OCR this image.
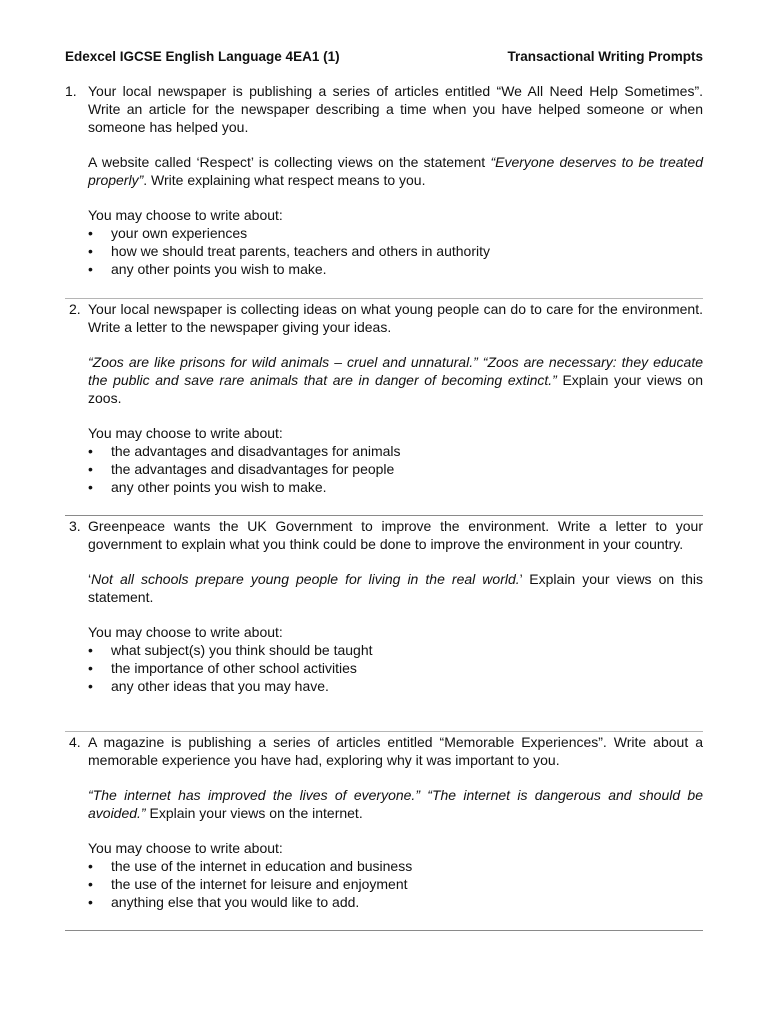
Edexcel IGCSE English Language 4EA1 (1)	Transactional Writing Prompts
1. Your local newspaper is publishing a series of articles entitled “We All Need Help Sometimes”. Write an article for the newspaper describing a time when you have helped someone or when someone has helped you.

A website called ‘Respect’ is collecting views on the statement “Everyone deserves to be treated properly”. Write explaining what respect means to you.

You may choose to write about:

• your own experiences
• how we should treat parents, teachers and others in authority
• any other points you wish to make.
2. Your local newspaper is collecting ideas on what young people can do to care for the environment. Write a letter to the newspaper giving your ideas.

“Zoos are like prisons for wild animals – cruel and unnatural.” “Zoos are necessary: they educate the public and save rare animals that are in danger of becoming extinct.” Explain your views on zoos.

You may choose to write about:

• the advantages and disadvantages for animals
• the advantages and disadvantages for people
• any other points you wish to make.
3. Greenpeace wants the UK Government to improve the environment. Write a letter to your government to explain what you think could be done to improve the environment in your country.

‘Not all schools prepare young people for living in the real world.’ Explain your views on this statement.

You may choose to write about:

• what subject(s) you think should be taught
• the importance of other school activities
• any other ideas that you may have.
4. A magazine is publishing a series of articles entitled “Memorable Experiences”. Write about a memorable experience you have had, exploring why it was important to you.

“The internet has improved the lives of everyone.” “The internet is dangerous and should be avoided.” Explain your views on the internet.

You may choose to write about:

• the use of the internet in education and business
• the use of the internet for leisure and enjoyment
• anything else that you would like to add.
